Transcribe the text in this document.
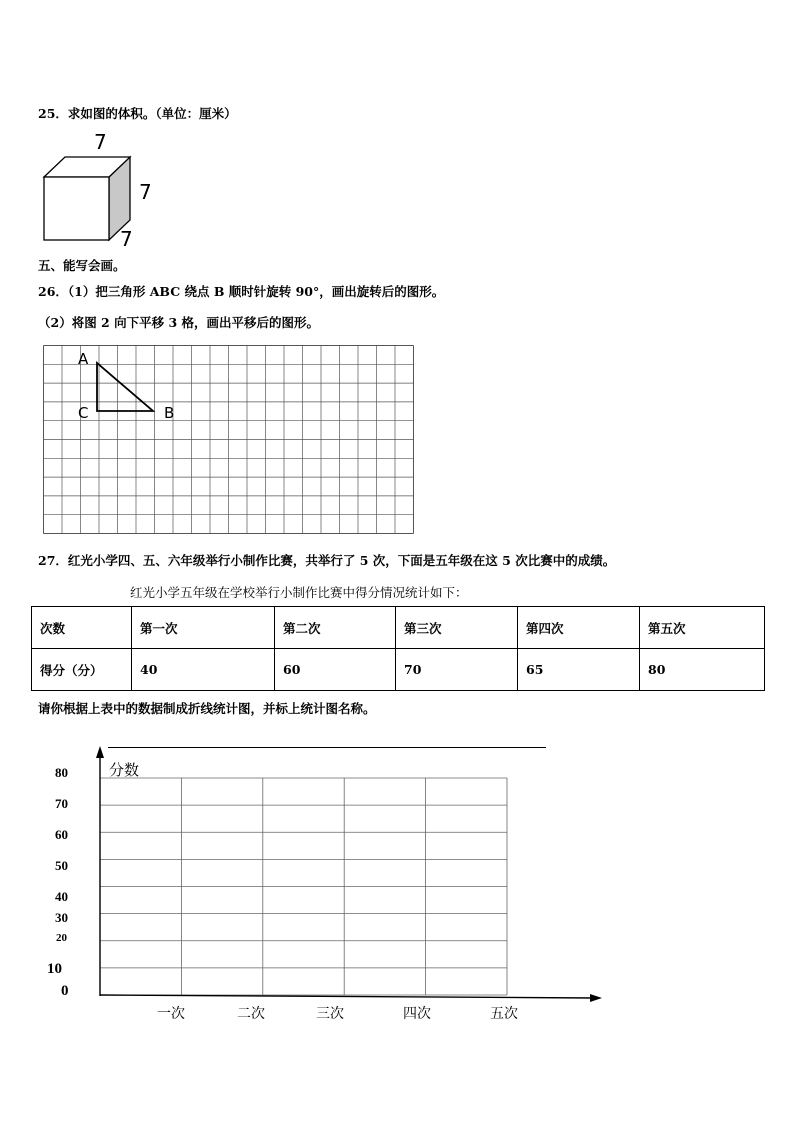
25．求如图的体积。（单位：厘米）
7
7
7
五、能写会画。
26．（1）把三角形 ABC 绕点 B 顺时针旋转 90°，画出旋转后的图形。
（2）将图 2 向下平移 3 格，画出平移后的图形。
A
C	B
27．红光小学四、五、六年级举行小制作比赛，共举行了 5 次，下面是五年级在这 5 次比赛中的成绩。
红光小学五年级在学校举行小制作比赛中得分情况统计如下：
次数	第一次	第二次	第三次	第四次	第五次
得分（分）	40	60	70	65	80
请你根据上表中的数据制成折线统计图，并标上统计图名称。
分数
80
70
60
50
40
30
20
10
0
一次	二次	三次	四次	五次
